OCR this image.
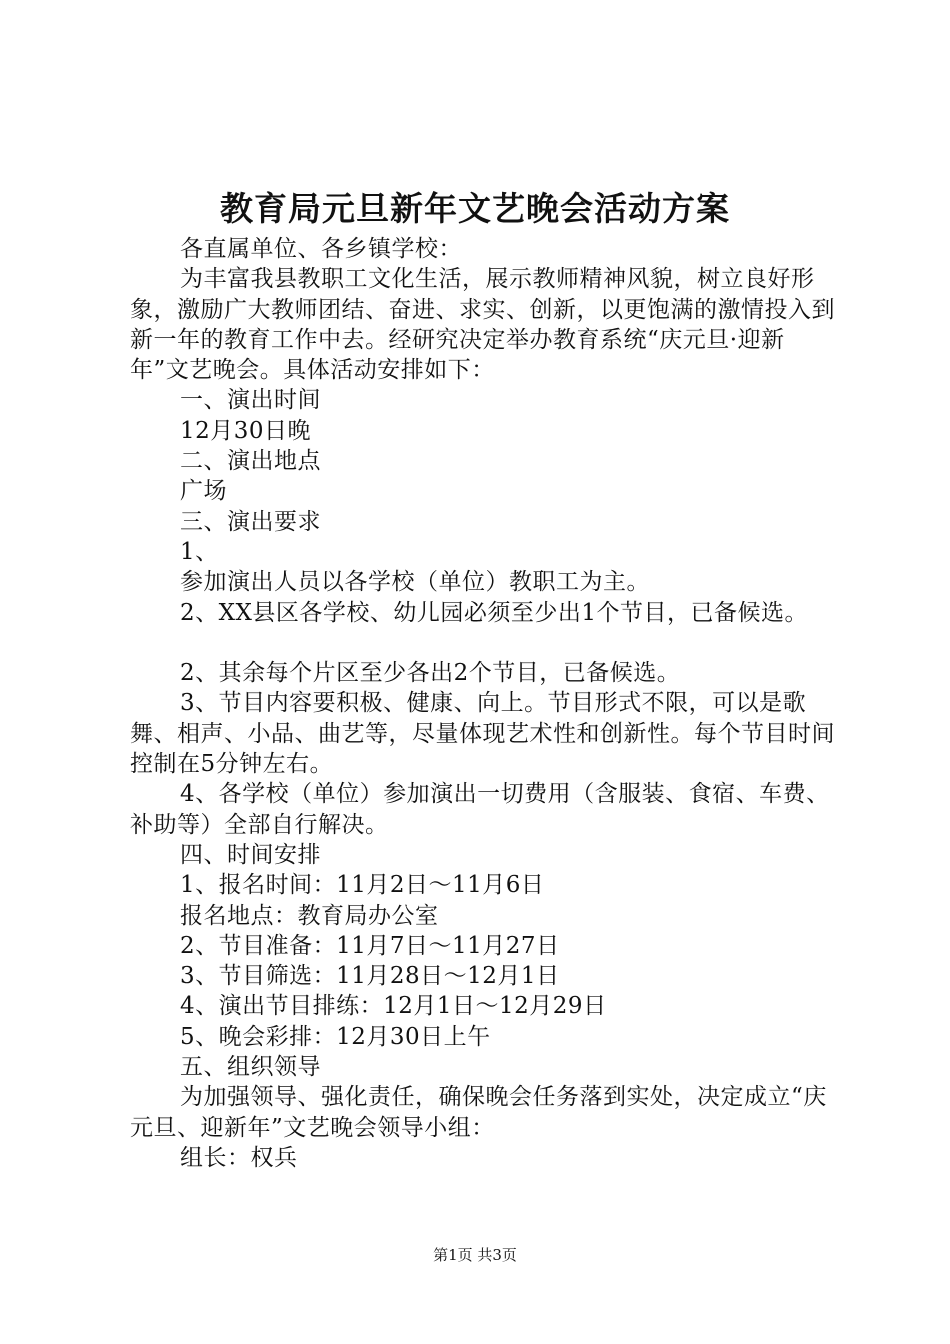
教育局元旦新年文艺晚会活动方案

各直属单位、各乡镇学校：

为丰富我县教职工文化生活，展示教师精神风貌，树立良好形象，激励广大教师团结、奋进、求实、创新，以更饱满的激情投入到新一年的教育工作中去。经研究决定举办教育系统“庆元旦·迎新年”文艺晚会。具体活动安排如下：

一、演出时间

12月30日晚

二、演出地点

广场

三、演出要求

1、

参加演出人员以各学校（单位）教职工为主。

2、XX县区各学校、幼儿园必须至少出1个节目，已备候选。

2、其余每个片区至少各出2个节目，已备候选。

3、节目内容要积极、健康、向上。节目形式不限，可以是歌舞、相声、小品、曲艺等，尽量体现艺术性和创新性。每个节目时间控制在5分钟左右。

4、各学校（单位）参加演出一切费用（含服装、食宿、车费、补助等）全部自行解决。

四、时间安排

1、报名时间：11月2日～11月6日

报名地点：教育局办公室

2、节目准备：11月7日～11月27日

3、节目筛选：11月28日～12月1日

4、演出节目排练：12月1日～12月29日

5、晚会彩排：12月30日上午

五、组织领导

为加强领导、强化责任，确保晚会任务落到实处，决定成立“庆元旦、迎新年”文艺晚会领导小组：

组长：权兵

第1页 共3页
